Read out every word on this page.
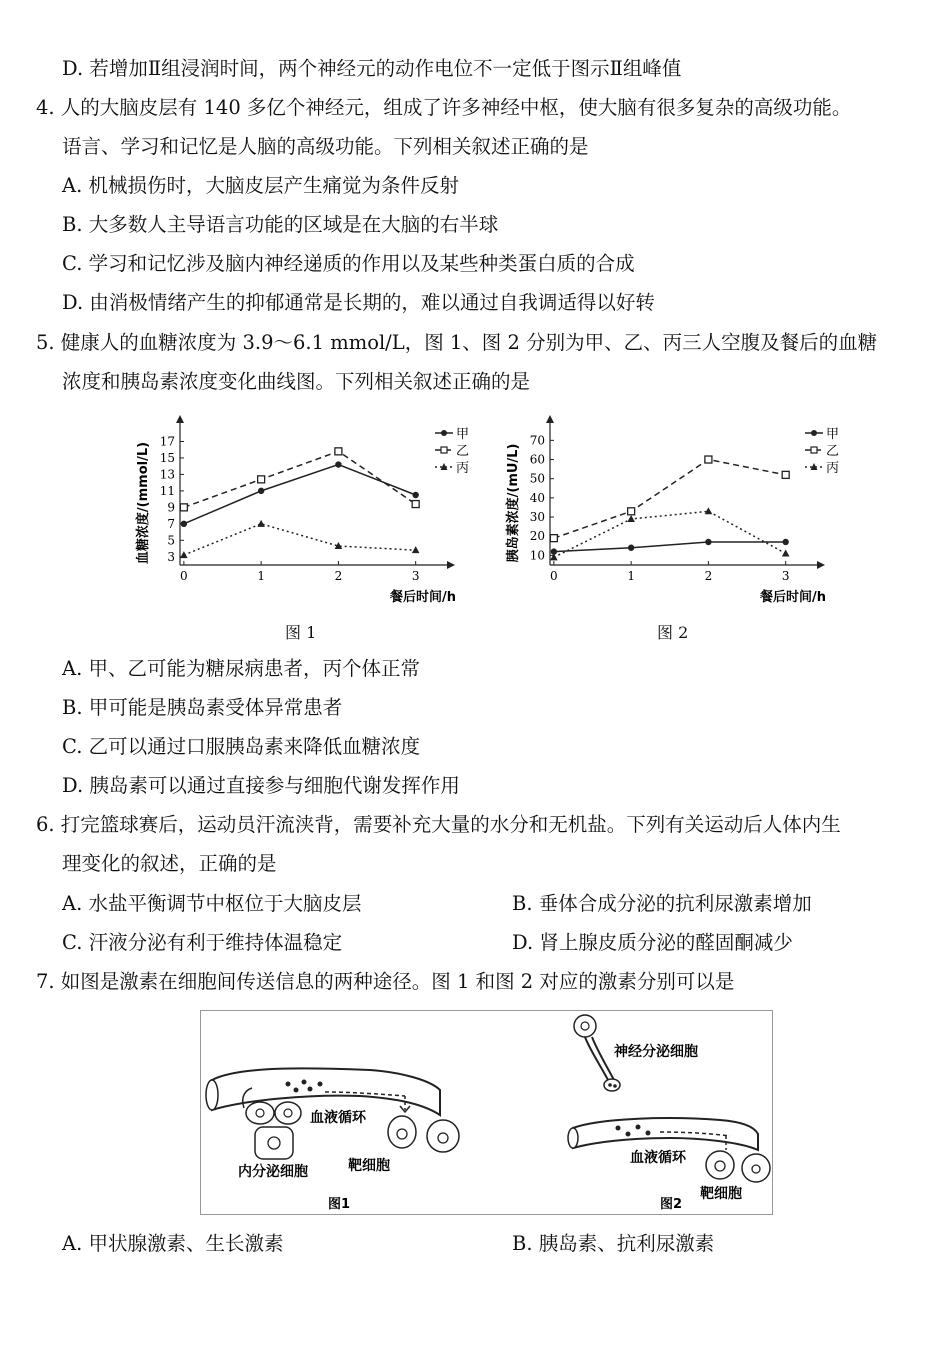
D. 若增加Ⅱ组浸润时间，两个神经元的动作电位不一定低于图示Ⅱ组峰值
4. 人的大脑皮层有 140 多亿个神经元，组成了许多神经中枢，使大脑有很多复杂的高级功能。
语言、学习和记忆是人脑的高级功能。下列相关叙述正确的是
A. 机械损伤时，大脑皮层产生痛觉为条件反射
B. 大多数人主导语言功能的区域是在大脑的右半球
C. 学习和记忆涉及脑内神经递质的作用以及某些种类蛋白质的合成
D. 由消极情绪产生的抑郁通常是长期的，难以通过自我调适得以好转
5. 健康人的血糖浓度为 3.9～6.1 mmol/L，图 1、图 2 分别为甲、乙、丙三人空腹及餐后的血糖
浓度和胰岛素浓度变化曲线图。下列相关叙述正确的是
3
5
7
9
11
13
15
17
0	1	2	3
餐后时间/h
血糖浓度/(mmol/L)
甲
乙
丙
10
20
30
40
50
60
70
0	1	2	3
餐后时间/h
胰岛素浓度/(mU/L)
甲
乙
丙
图 1	图 2
A. 甲、乙可能为糖尿病患者，丙个体正常
B. 甲可能是胰岛素受体异常患者
C. 乙可以通过口服胰岛素来降低血糖浓度
D. 胰岛素可以通过直接参与细胞代谢发挥作用
6. 打完篮球赛后，运动员汗流浃背，需要补充大量的水分和无机盐。下列有关运动后人体内生
理变化的叙述，正确的是
A. 水盐平衡调节中枢位于大脑皮层	B. 垂体合成分泌的抗利尿激素增加
C. 汗液分泌有利于维持体温稳定	D. 肾上腺皮质分泌的醛固酮减少
7. 如图是激素在细胞间传送信息的两种途径。图 1 和图 2 对应的激素分别可以是
血液循环
内分泌细胞	靶细胞
图1
神经分泌细胞
血液循环
靶细胞
图2
A. 甲状腺激素、生长激素	B. 胰岛素、抗利尿激素
